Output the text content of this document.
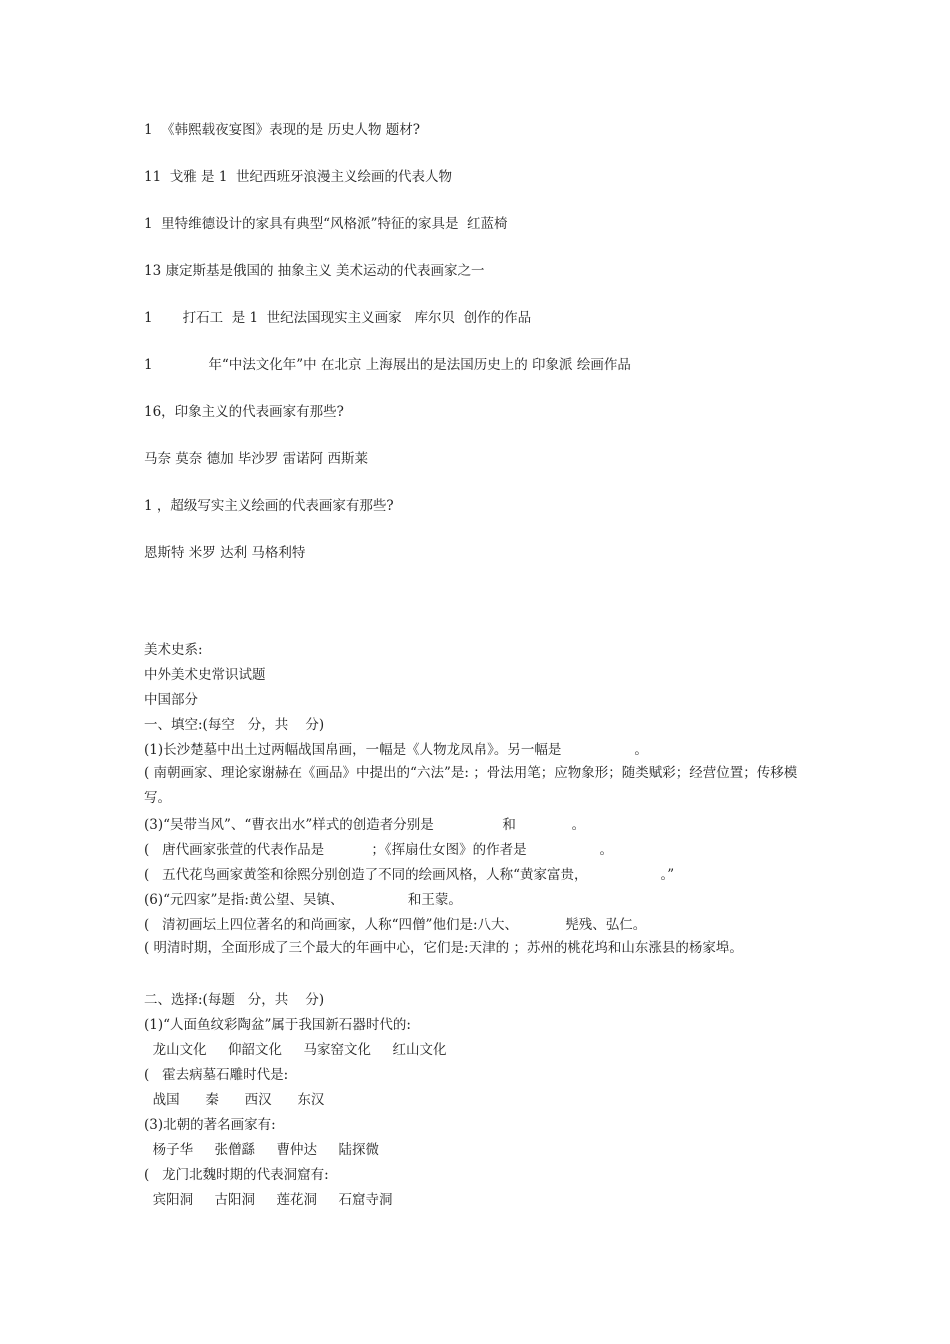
1  《韩熙载夜宴图》表现的是 历史人物 题材?
11  戈雅 是 1  世纪西班牙浪漫主义绘画的代表人物
1  里特维德设计的家具有典型“风格派”特征的家具是  红蓝椅
13 康定斯基是俄国的 抽象主义 美术运动的代表画家之一
1       打石工  是 1  世纪法国现实主义画家   库尔贝  创作的作品
1             年“中法文化年”中 在北京 上海展出的是法国历史上的 印象派 绘画作品
16，印象主义的代表画家有那些?
马奈 莫奈 德加 毕沙罗 雷诺阿 西斯莱
1 ，超级写实主义绘画的代表画家有那些?
恩斯特 米罗 达利 马格利特
美术史系:
中外美术史常识试题
中国部分
一、填空:(每空   分，共    分)
(1)长沙楚墓中出土过两幅战国帛画，一幅是《人物龙凤帛》。另一幅是                 。
( 南朝画家、理论家谢赫在《画品》中提出的“六法”是: ；骨法用笔；应物象形；随类赋彩；经营位置；传移模写。
(3)“吴带当风”、“曹衣出水”样式的创造者分别是                和             。
(   唐代画家张萱的代表作品是           ；《挥扇仕女图》的作者是                 。
(   五代花鸟画家黄筌和徐熙分别创造了不同的绘画风格，人称“黄家富贵，                 。”
(6)“元四家”是指:黄公望、吴镇、               和王蒙。
(   清初画坛上四位著名的和尚画家，人称“四僧”他们是:八大、           髡残、弘仁。
( 明清时期，全面形成了三个最大的年画中心，它们是:天津的 ；苏州的桃花坞和山东涨县的杨家埠。
二、选择:(每题   分，共    分)
(1)“人面鱼纹彩陶盆”属于我国新石器时代的:
龙山文化     仰韶文化     马家窑文化     红山文化
(   霍去病墓石雕时代是:
战国      秦      西汉      东汉
(3)北朝的著名画家有:
杨子华     张僧繇     曹仲达     陆探微
(   龙门北魏时期的代表洞窟有:
宾阳洞     古阳洞     莲花洞     石窟寺洞
